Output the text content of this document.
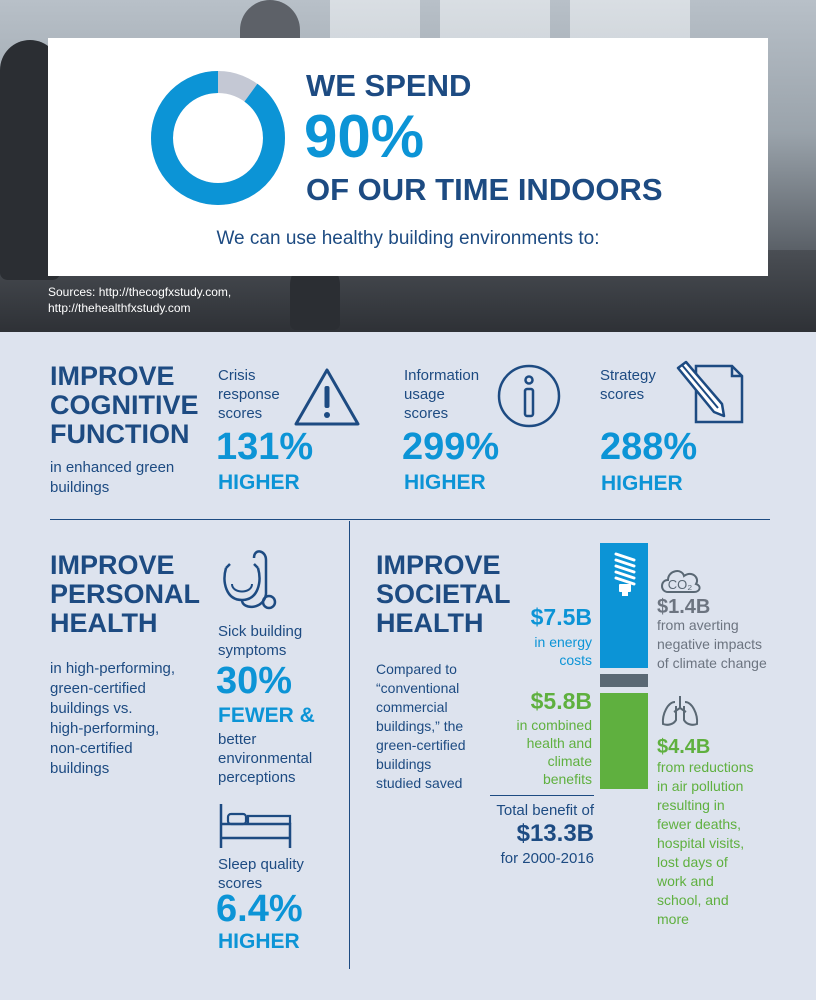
WE SPEND
90%
OF OUR TIME INDOORS
We can use healthy building environments to:
Sources: http://thecogfxstudy.com,
http://thehealthfxstudy.com
IMPROVE
COGNITIVE
FUNCTION
in enhanced green
buildings
Crisis
response
scores
131%
HIGHER
Information
usage
scores
299%
HIGHER
Strategy
scores
288%
HIGHER
IMPROVE
PERSONAL
HEALTH
in high-performing,
green-certified
buildings vs.
high-performing,
non-certified
buildings
Sick building
symptoms
30%
FEWER &
better
environmental
perceptions
Sleep quality
scores
6.4%
HIGHER
IMPROVE
SOCIETAL
HEALTH
Compared to
“conventional
commercial
buildings,” the
green-certified
buildings
studied saved
$7.5B
in energy
costs
CO₂
$1.4B
from averting
negative impacts
of climate change
$5.8B
in combined
health and
climate
benefits
$4.4B
from reductions
in air pollution
resulting in
fewer deaths,
hospital visits,
lost days of
work and
school, and
more
Total benefit of
$13.3B
for 2000-2016
